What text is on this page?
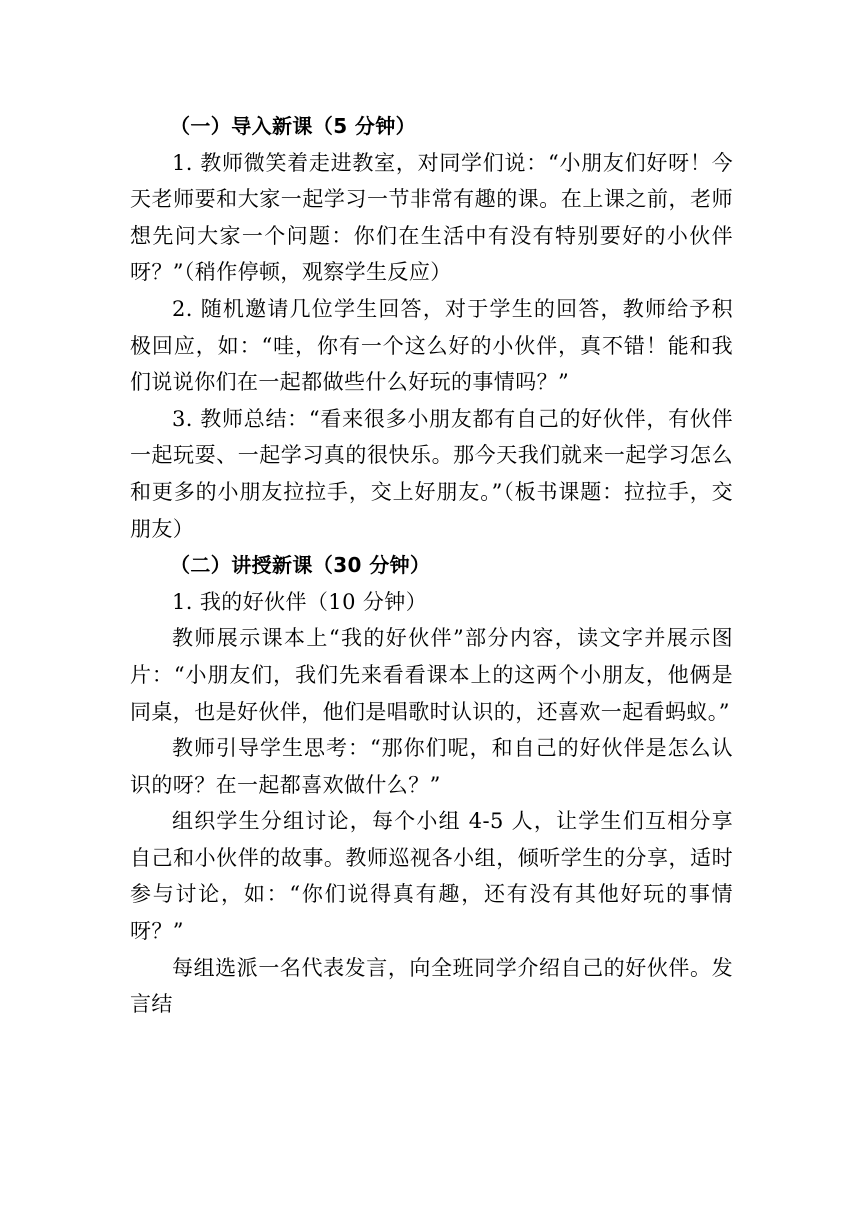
（一）导入新课（5 分钟）

1. 教师微笑着走进教室，对同学们说：“小朋友们好呀！今天老师要和大家一起学习一节非常有趣的课。在上课之前，老师想先问大家一个问题：你们在生活中有没有特别要好的小伙伴呀？”（稍作停顿，观察学生反应）

2. 随机邀请几位学生回答，对于学生的回答，教师给予积极回应，如：“哇，你有一个这么好的小伙伴，真不错！能和我们说说你们在一起都做些什么好玩的事情吗？”

3. 教师总结：“看来很多小朋友都有自己的好伙伴，有伙伴一起玩耍、一起学习真的很快乐。那今天我们就来一起学习怎么和更多的小朋友拉拉手，交上好朋友。”（板书课题：拉拉手，交朋友）

（二）讲授新课（30 分钟）

1. 我的好伙伴（10 分钟）

教师展示课本上“我的好伙伴”部分内容，读文字并展示图片：“小朋友们，我们先来看看课本上的这两个小朋友，他俩是同桌，也是好伙伴，他们是唱歌时认识的，还喜欢一起看蚂蚁。”

教师引导学生思考：“那你们呢，和自己的好伙伴是怎么认识的呀？在一起都喜欢做什么？”

组织学生分组讨论，每个小组 4-5 人，让学生们互相分享自己和小伙伴的故事。教师巡视各小组，倾听学生的分享，适时参与讨论，如：“你们说得真有趣，还有没有其他好玩的事情呀？”

每组选派一名代表发言，向全班同学介绍自己的好伙伴。发言结
